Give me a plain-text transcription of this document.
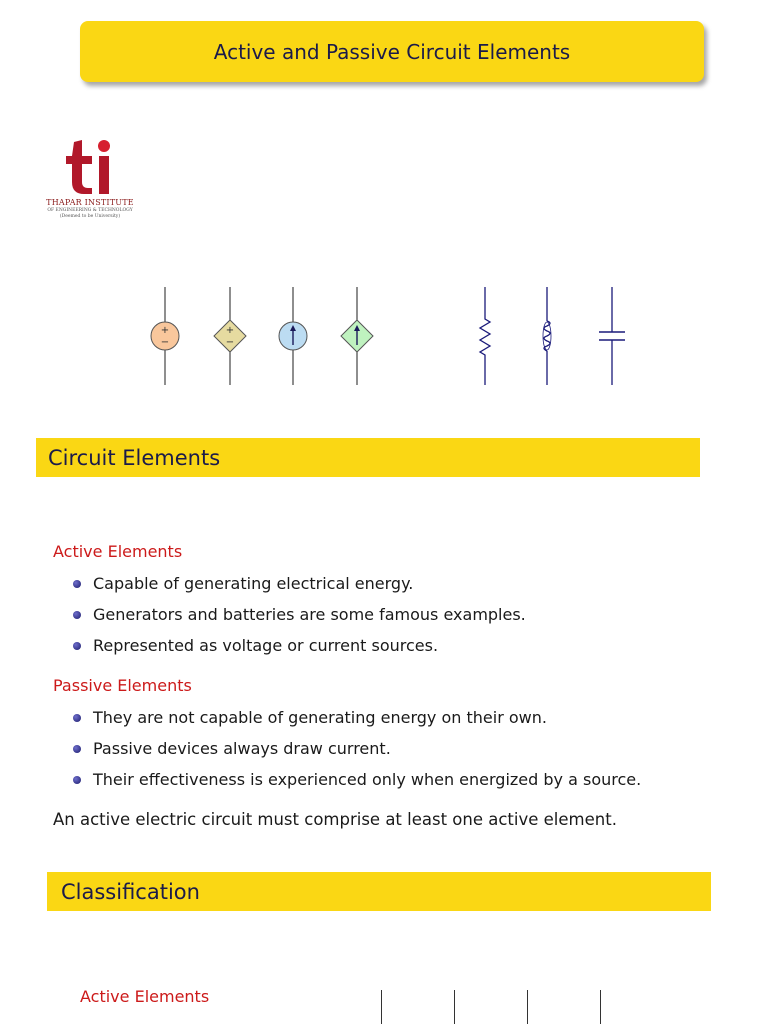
Active and Passive Circuit Elements
THAPAR INSTITUTE
OF ENGINEERING & TECHNOLOGY
(Deemed to be University)
+
−
+
−
Circuit Elements
Active Elements
Capable of generating electrical energy.
Generators and batteries are some famous examples.
Represented as voltage or current sources.
Passive Elements
They are not capable of generating energy on their own.
Passive devices always draw current.
Their effectiveness is experienced only when energized by a source.
An active electric circuit must comprise at least one active element.
Classification
Active Elements
